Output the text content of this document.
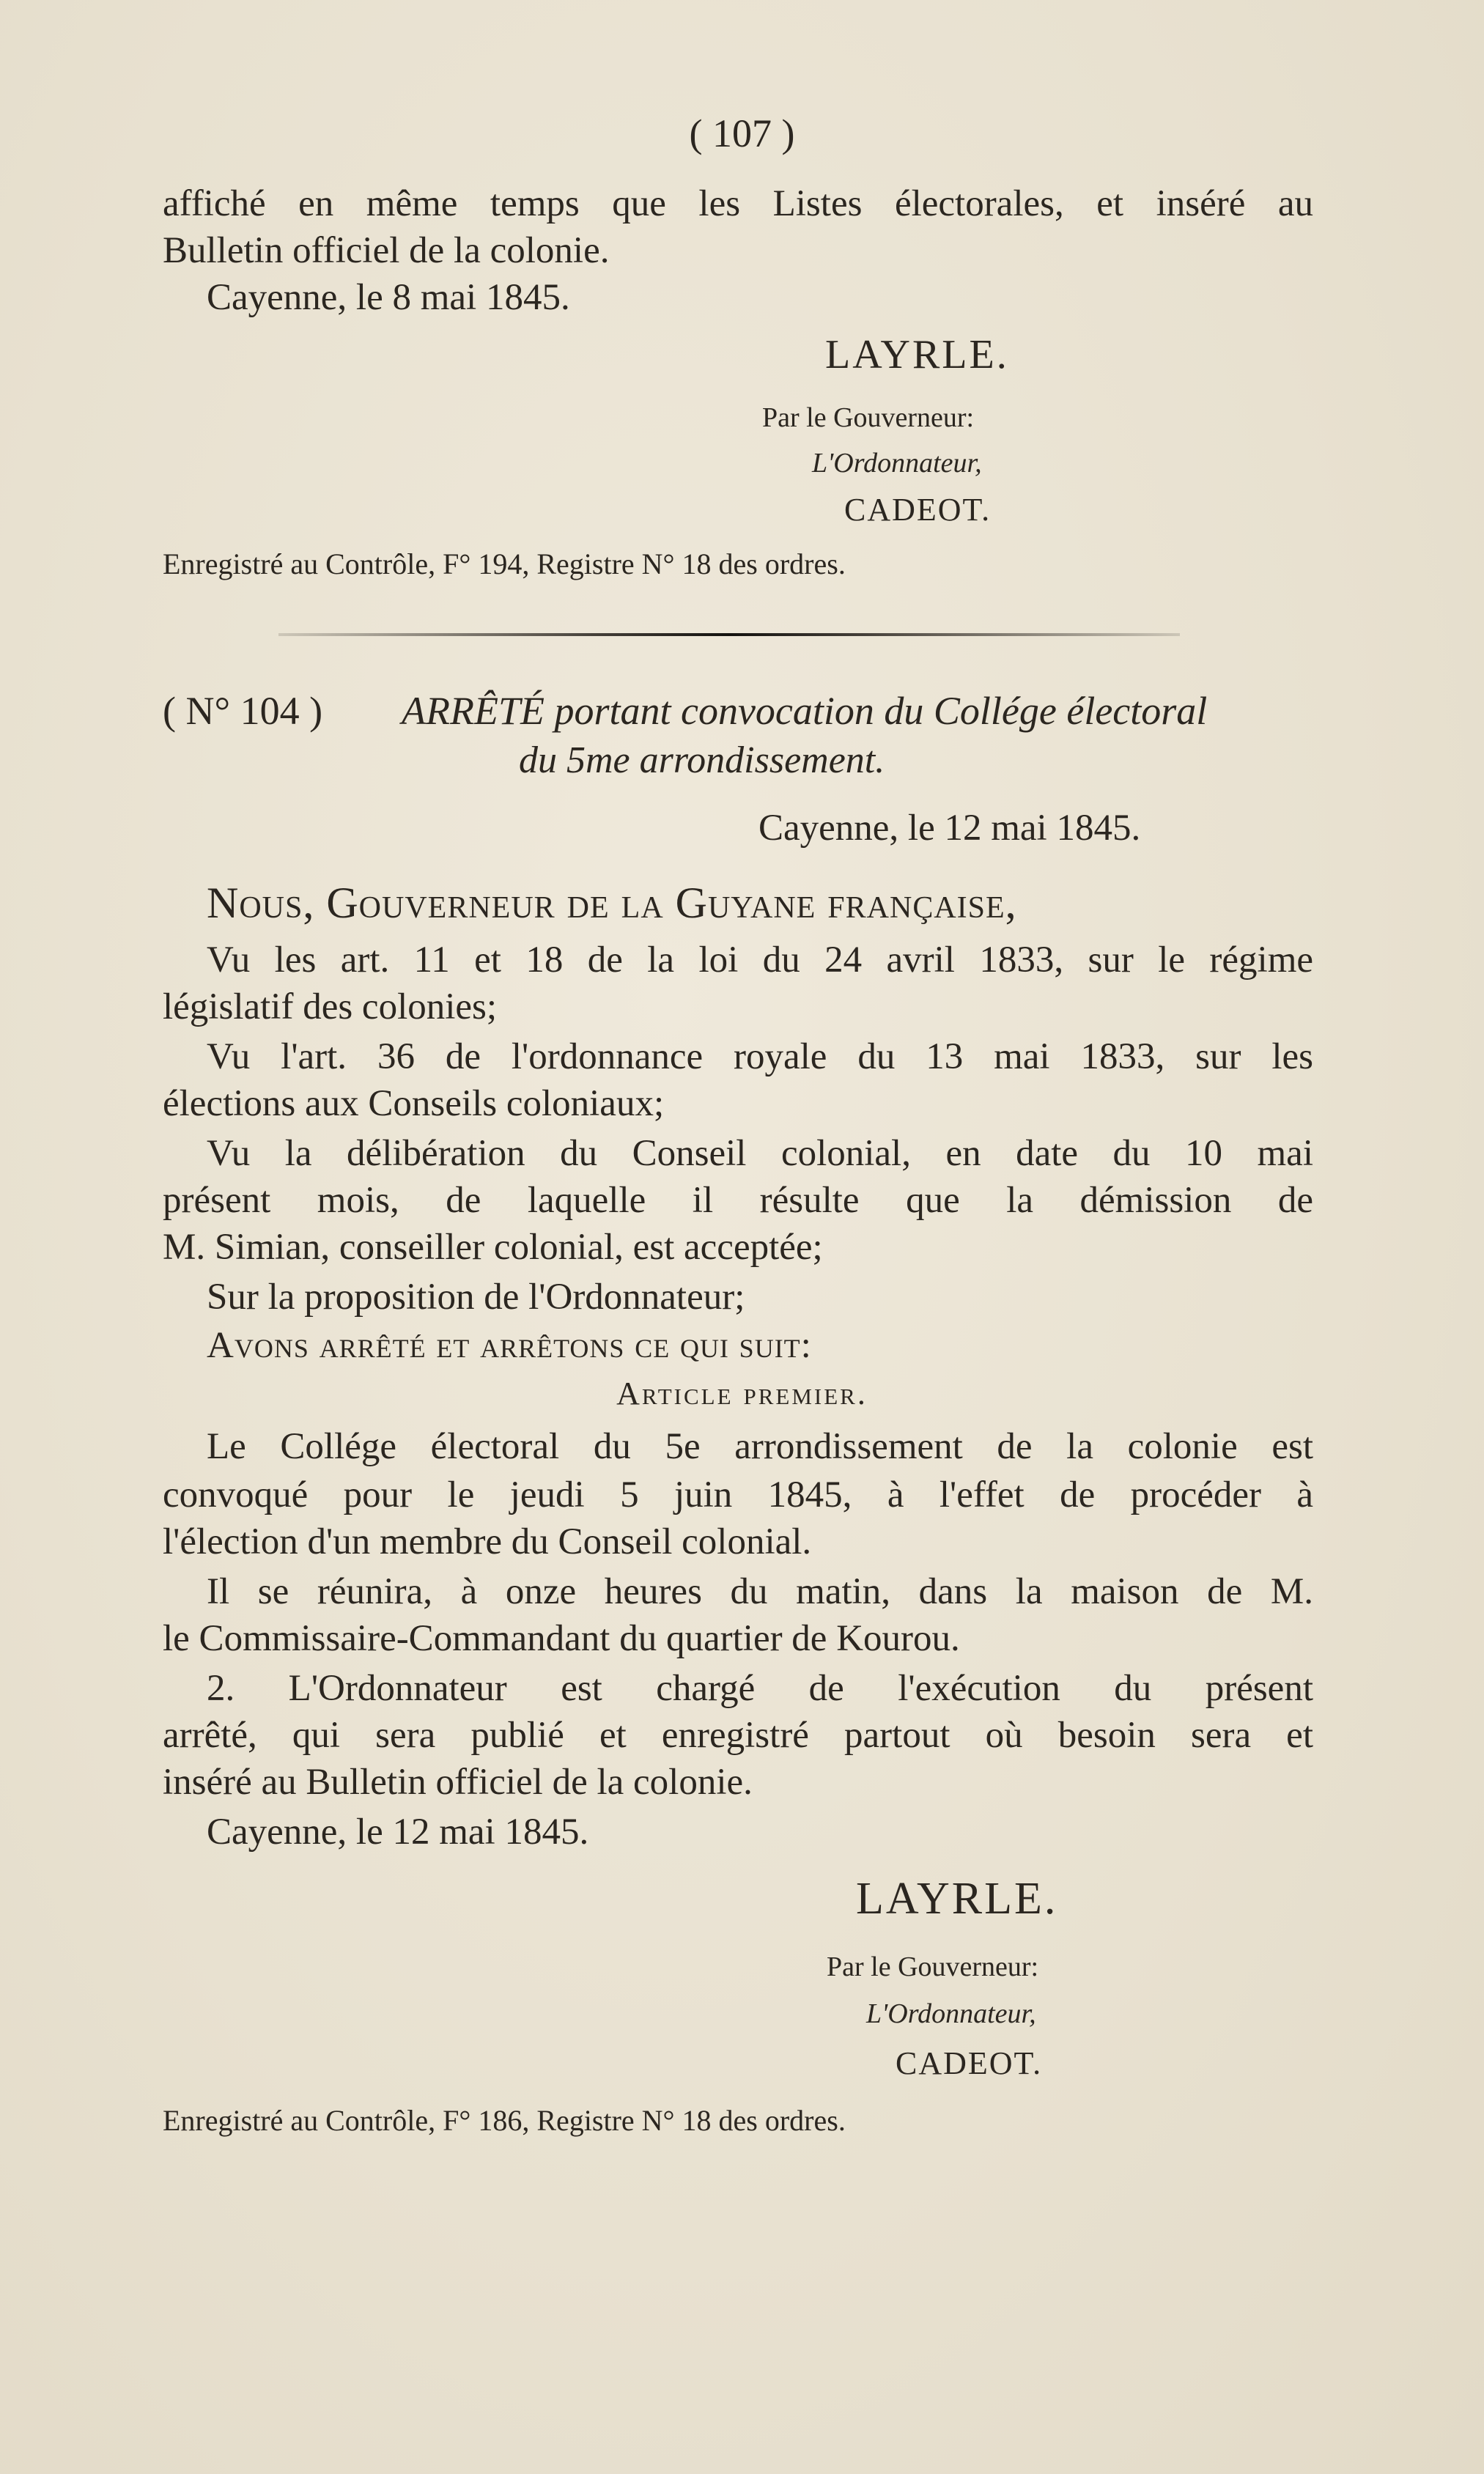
( 107 )
affiché en même temps que les Listes électorales, et inséré au
Bulletin officiel de la colonie.
Cayenne, le 8 mai 1845.
LAYRLE.
Par le Gouverneur:
L'Ordonnateur,
CADEOT.
Enregistré au Contrôle, F° 194, Registre N° 18 des ordres.
( N° 104 ) ARRÊTÉ portant convocation du Collége électoral
du 5me arrondissement.
Cayenne, le 12 mai 1845.
Nous, Gouverneur de la Guyane française,
Vu les art. 11 et 18 de la loi du 24 avril 1833, sur le régime
législatif des colonies;
Vu l'art. 36 de l'ordonnance royale du 13 mai 1833, sur les
élections aux Conseils coloniaux;
Vu la délibération du Conseil colonial, en date du 10 mai
présent mois, de laquelle il résulte que la démission de
M. Simian, conseiller colonial, est acceptée;
Sur la proposition de l'Ordonnateur;
Avons arrêté et arrêtons ce qui suit:
Article premier.
Le Collége électoral du 5e arrondissement de la colonie est
convoqué pour le jeudi 5 juin 1845, à l'effet de procéder à
l'élection d'un membre du Conseil colonial.
Il se réunira, à onze heures du matin, dans la maison de M.
le Commissaire-Commandant du quartier de Kourou.
2. L'Ordonnateur est chargé de l'exécution du présent
arrêté, qui sera publié et enregistré partout où besoin sera et
inséré au Bulletin officiel de la colonie.
Cayenne, le 12 mai 1845.
LAYRLE.
Par le Gouverneur:
L'Ordonnateur,
CADEOT.
Enregistré au Contrôle, F° 186, Registre N° 18 des ordres.
